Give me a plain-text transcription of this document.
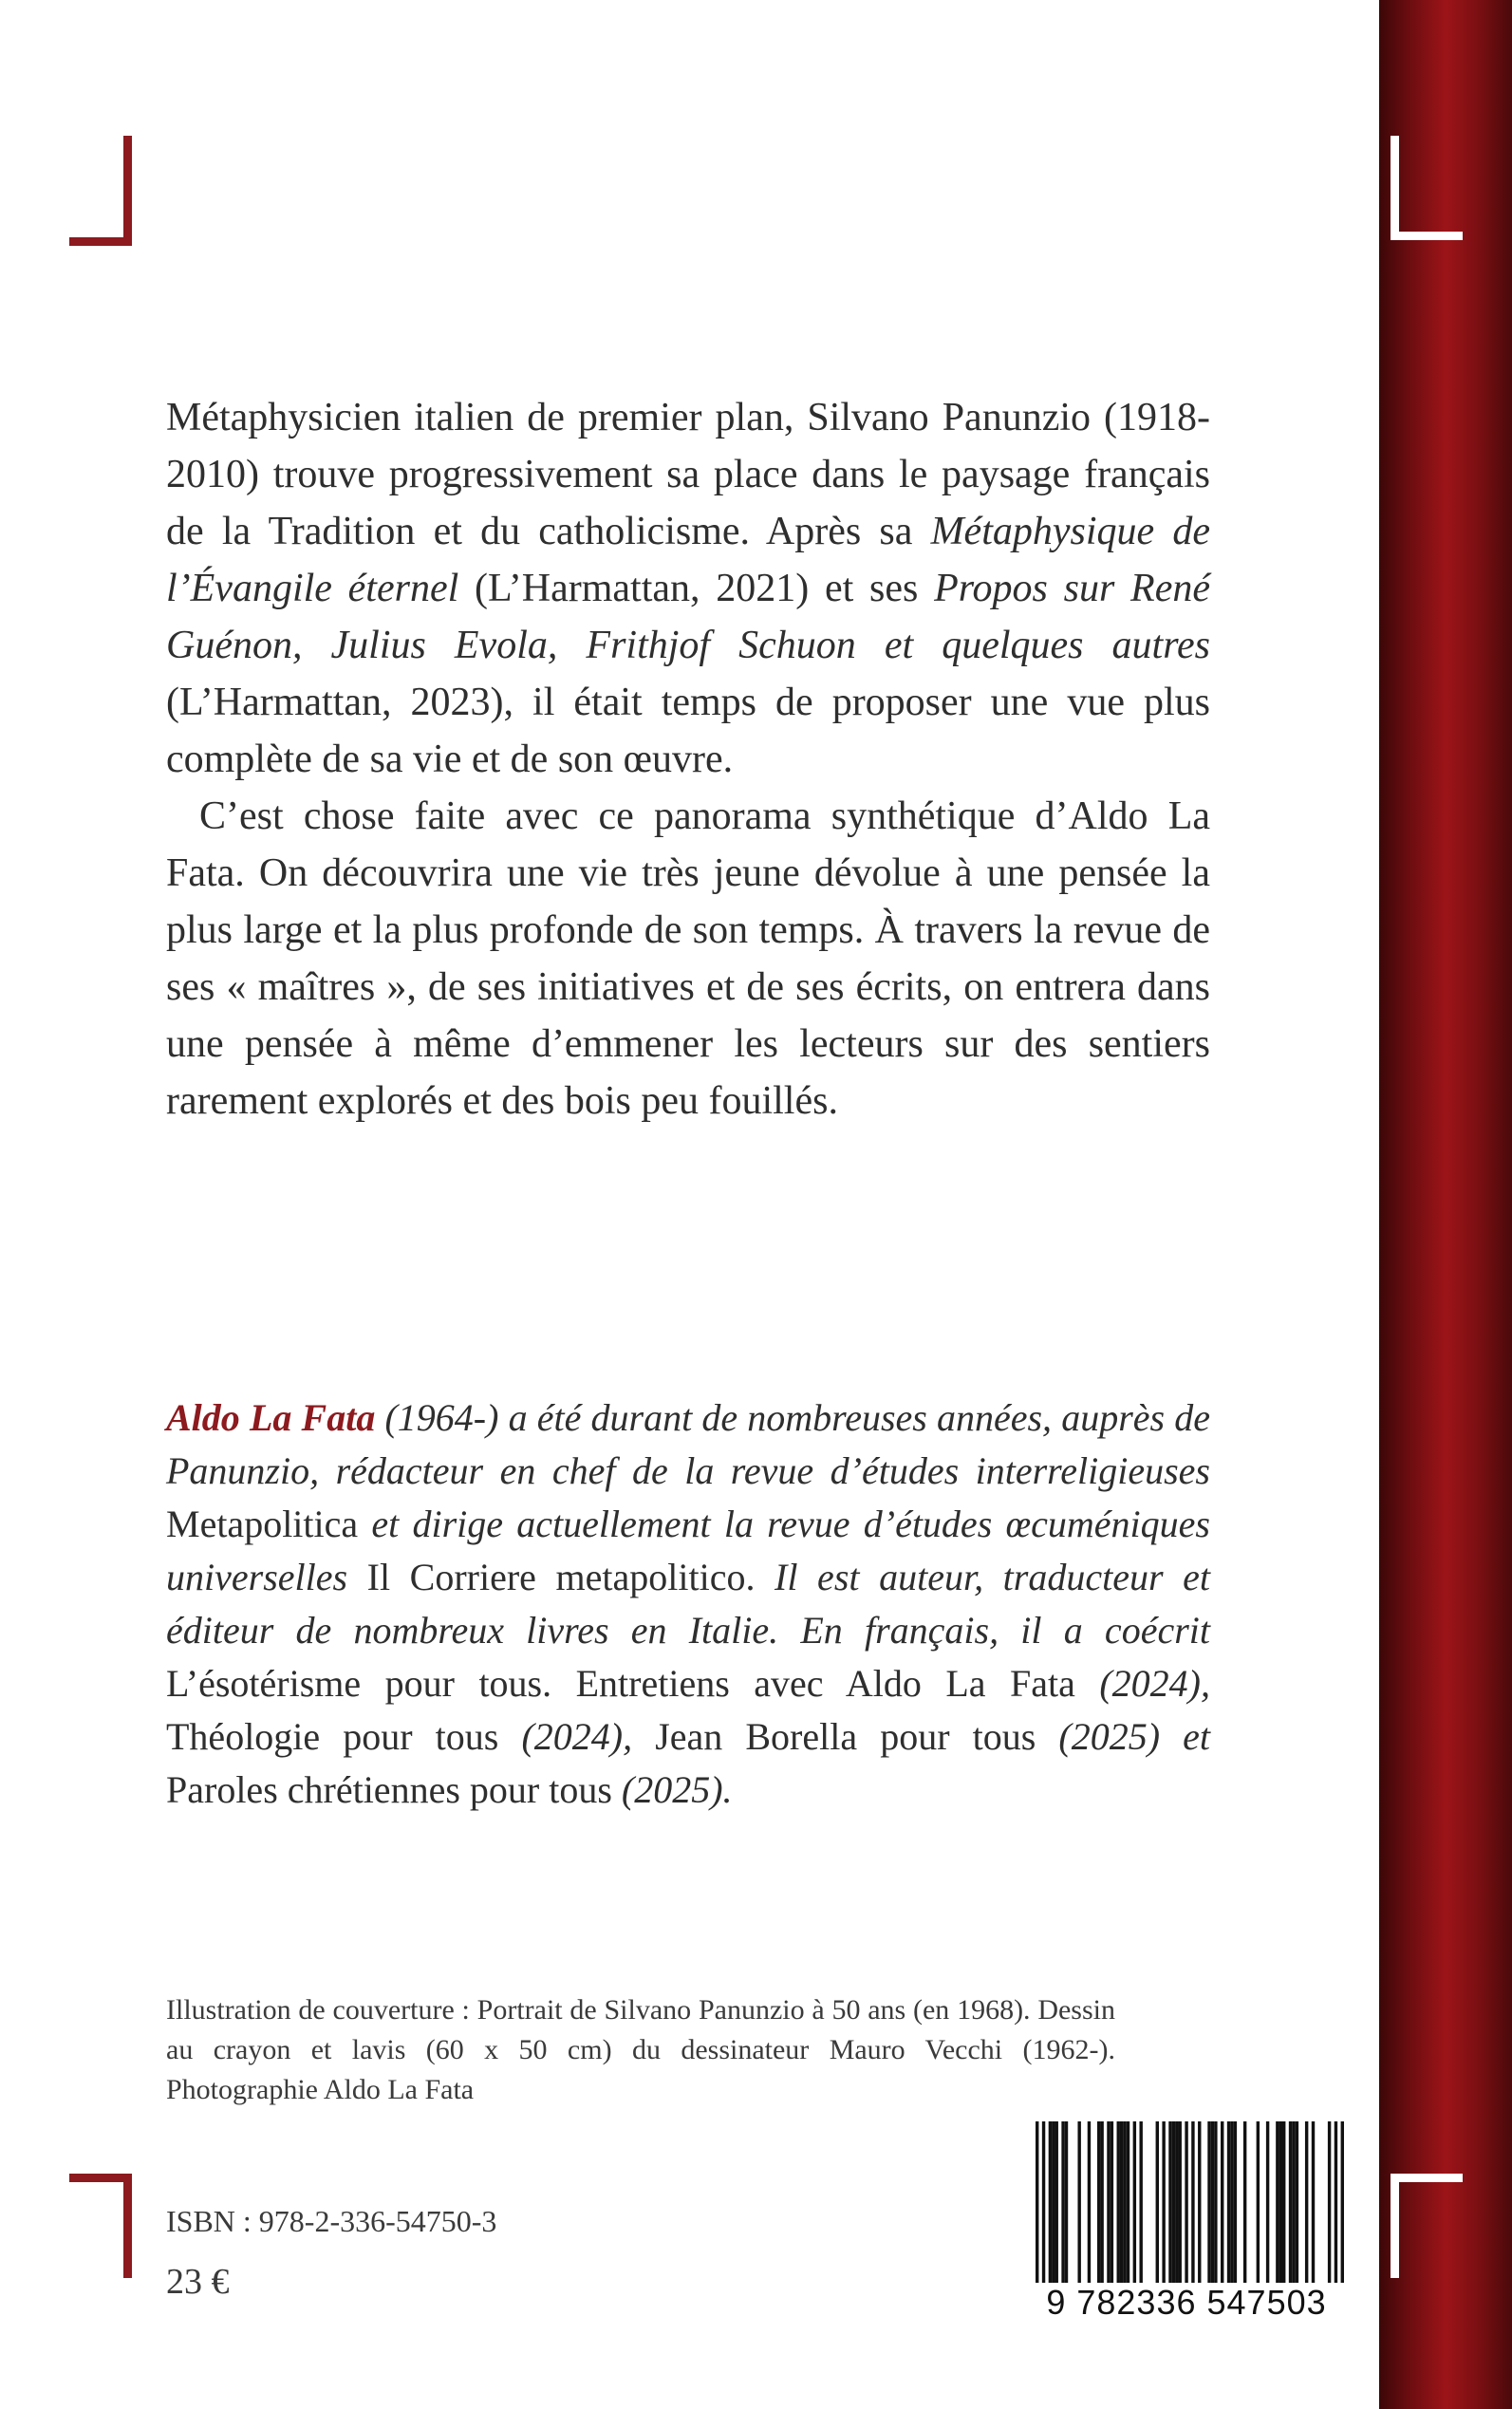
Métaphysicien italien de premier plan, Silvano Panunzio (1918-2010) trouve progressivement sa place dans le paysage français de la Tradition et du catholicisme. Après sa Métaphysique de l’Évangile éternel (L’Harmattan, 2021) et ses Propos sur René Guénon, Julius Evola, Frithjof Schuon et quelques autres (L’Harmattan, 2023), il était temps de proposer une vue plus complète de sa vie et de son œuvre.

C’est chose faite avec ce panorama synthétique d’Aldo La Fata. On découvrira une vie très jeune dévolue à une pensée la plus large et la plus profonde de son temps. À travers la revue de ses « maîtres », de ses initiatives et de ses écrits, on entrera dans une pensée à même d’emmener les lecteurs sur des sentiers rarement explorés et des bois peu fouillés.

Aldo La Fata (1964-) a été durant de nombreuses années, auprès de Panunzio, rédacteur en chef de la revue d’études interreligieuses Metapolitica et dirige actuellement la revue d’études œcuméniques universelles Il Corriere metapolitico. Il est auteur, traducteur et éditeur de nombreux livres en Italie. En français, il a coécrit L’ésotérisme pour tous. Entretiens avec Aldo La Fata (2024), Théologie pour tous (2024), Jean Borella pour tous (2025) et Paroles chrétiennes pour tous (2025).

Illustration de couverture : Portrait de Silvano Panunzio à 50 ans (en 1968). Dessin au crayon et lavis (60 x 50 cm) du dessinateur Mauro Vecchi (1962-). Photographie Aldo La Fata

ISBN : 978-2-336-54750-3
23 €
9 782336 547503
